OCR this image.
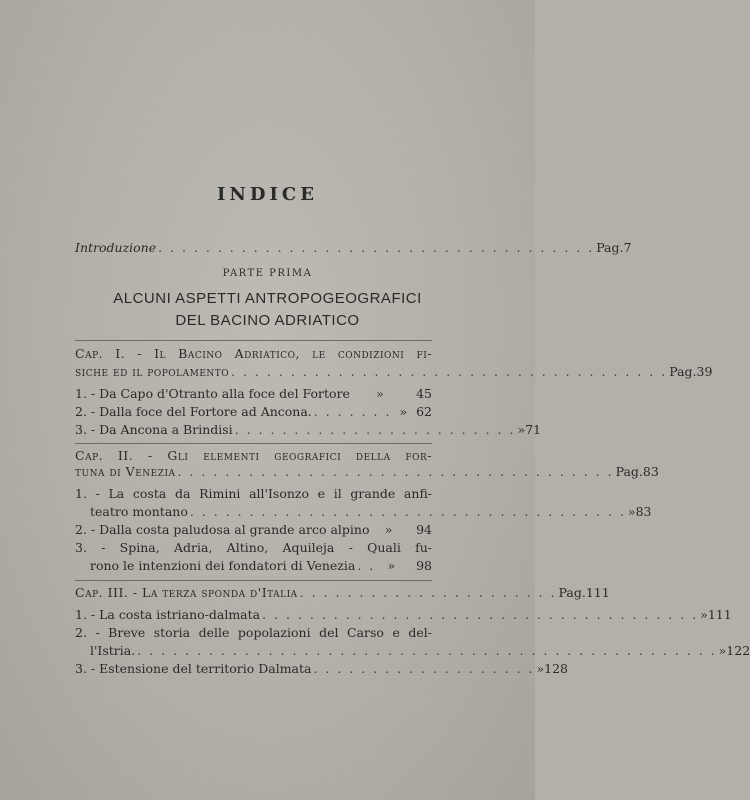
INDICE
Introduzione . . . . . . . . . . . . . . . . . . . . . . . . . . . . . . . . . . . . . Pag. 7
PARTE PRIMA
ALCUNI ASPETTI ANTROPOGEOGRAFICI
DEL BACINO ADRIATICO
Cap. I. - Il Bacino Adriatico, le condizioni fi-
siche ed il popolamento . . . . . . . . . . . . . . . . . . . . . . . . . . . . . . . . . . . . . Pag. 39
1. - Da Capo d'Otranto alla foce del Fortore	»	45
2. - Dalla foce del Fortore ad Ancona. . . . . . . . » 62
3. - Da Ancona a Brindisi . . . . . . . . . . . . . . . . . . . . . . . . » 71
Cap. II. - Gli elementi geografici della for-
tuna di Venezia . . . . . . . . . . . . . . . . . . . . . . . . . . . . . . . . . . . . . Pag. 83
1. - La costa da Rimini all'Isonzo e il grande anfi-
teatro montano . . . . . . . . . . . . . . . . . . . . . . . . . . . . . . . . . . . . . » 83
2. - Dalla costa paludosa al grande arco alpino	»	94
3. - Spina, Adria, Altino, Aquileja - Quali fu-
rono le intenzioni dei fondatori di Venezia . . »	98
Cap. III. - La terza sponda d'Italia . . . . . . . . . . . . . . . . . . . . . . Pag. 111
1. - La costa istriano-dalmata . . . . . . . . . . . . . . . . . . . . . . . . . . . . . . . . . . . . . » 111
2. - Breve storia delle popolazioni del Carso e del-
l'Istria. . . . . . . . . . . . . . . . . . . . . . . . . . . . . . . . . . . . . . . . . . . . . . . . . . » 122
3. - Estensione del territorio Dalmata . . . . . . . . . . . . . . . . . . . » 128
